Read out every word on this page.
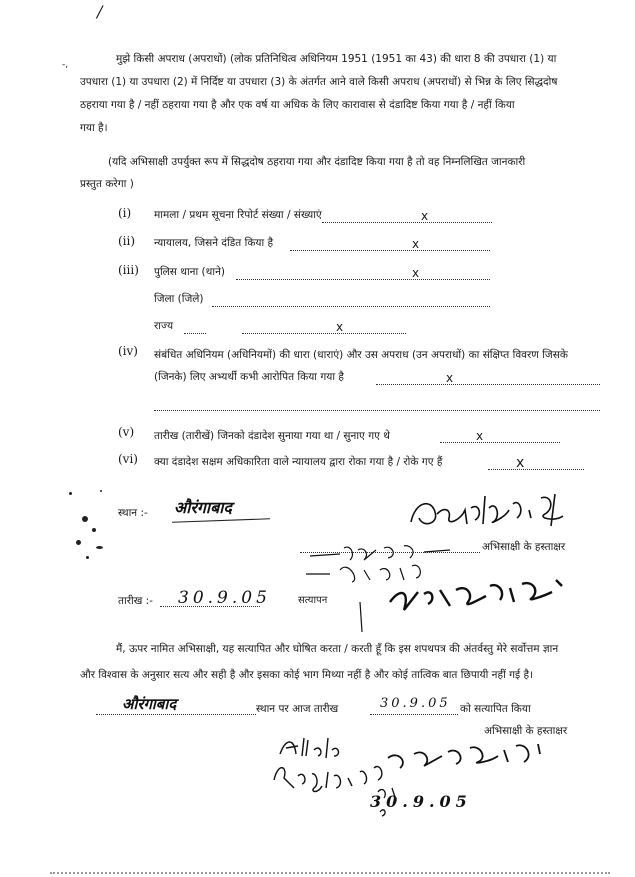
/
मुझे किसी अपराध (अपराधों) (लोक प्रतिनिधित्व अधिनियम 1951 (1951 का 43) की धारा 8 की उपधारा (1) या
उपधारा (1) या उपधारा (2) में निर्दिष्ट या उपधारा (3) के अंतर्गत आने वाले किसी अपराध (अपराधों) से भिन्न के लिए सिद्धदोष
ठहराया गया है / नहीं ठहराया गया है और एक वर्ष या अधिक के लिए कारावास से दंडादिष्ट किया गया है / नहीं किया
गया है।
-,
(यदि अभिसाक्षी उपर्युक्त रूप में सिद्धदोष ठहराया गया और दंडादिष्ट किया गया है तो वह निम्नलिखित जानकारी
प्रस्तुत करेगा )
(i) मामला / प्रथम सूचना रिपोर्ट संख्या / संख्याएं	x
(ii) न्यायालय, जिसने दंडित किया है	x
(iii) पुलिस थाना (थाने)	x
जिला (जिले)
राज्य	x
(iv) संबंधित अधिनियम (अधिनियमों) की धारा (धाराएं) और उस अपराध (उन अपराधों) का संक्षिप्त विवरण जिसके
(जिनके) लिए अभ्यर्थी कभी आरोपित किया गया है	x
(v) तारीख (तारीखें) जिनको दंडादेश सुनाया गया था / सुनाए गए थे	x
(vi) क्या दंडादेश सक्षम अधिकारिता वाले न्यायालय द्वारा रोका गया है / रोके गए हैं	x
स्थान :- औरंगाबाद
तारीख :- 30.9.05
अभिसाक्षी के हस्ताक्षर
सत्यापन
मैं, ऊपर नामित अभिसाक्षी, यह सत्यापित और घोषित करता / करती हूँ कि इस शपथपत्र की अंतर्वस्तु मेरे सर्वोत्तम ज्ञान
और विश्वास के अनुसार सत्य और सही है और इसका कोई भाग मिथ्या नहीं है और कोई तात्विक बात छिपायी नहीं गई है।
औरंगाबाद	स्थान पर आज तारीख	30.9.05 को सत्यापित किया
अभिसाक्षी के हस्ताक्षर
30.9.05
